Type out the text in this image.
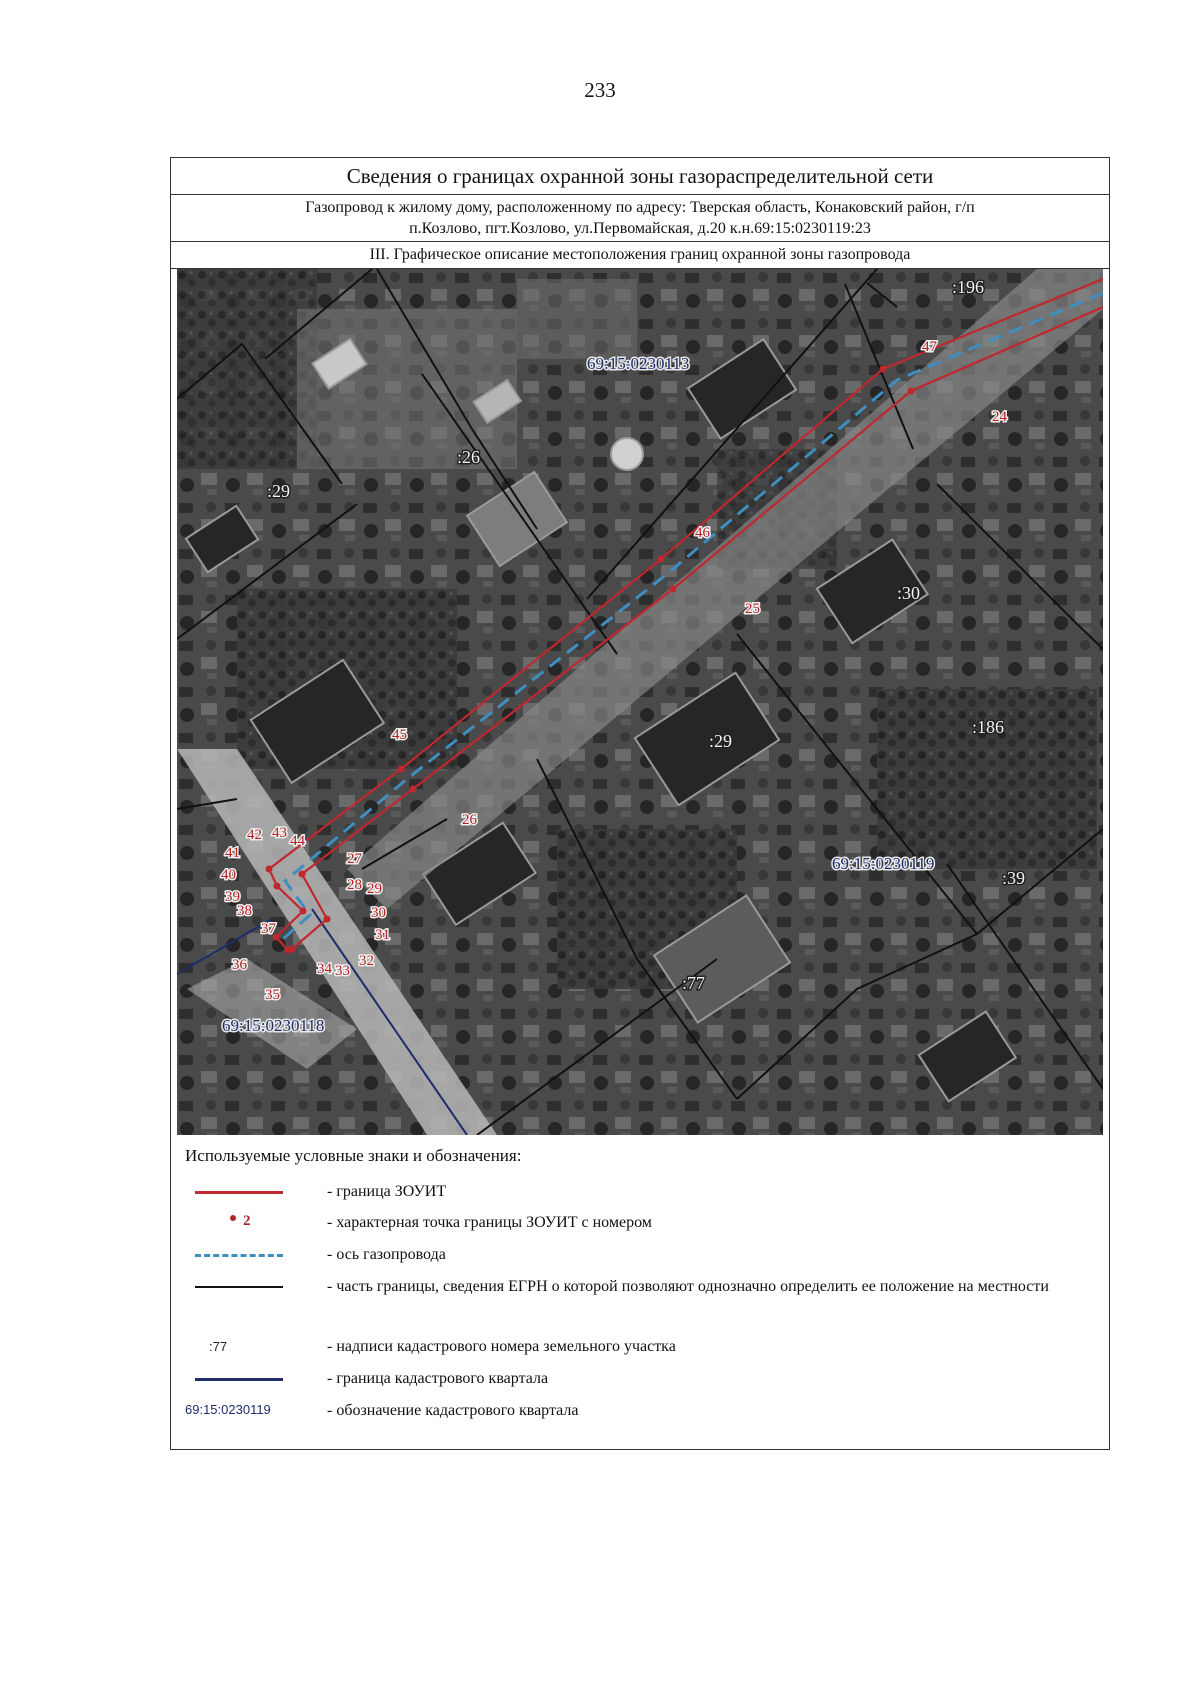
233
Сведения о границах охранной зоны газораспределительной сети
Газопровод к жилому дому, расположенному по адресу: Тверская область, Конаковский район, г/п
п.Козлово, пгт.Козлово, ул.Первомайская, д.20 к.н.69:15:0230119:23
III. Графическое описание местоположения границ охранной зоны газопровода
:196
:26
:29
:30
:29
:186
:39
:77
69:15:0230113
69:15:0230119
69:15:0230118
47
24
46
25
45
26
42 43 44
41
40
39
38
37
36
35
27
28 29
30
31
32
33
34
Используемые условные знаки и обозначения:
- граница ЗОУИТ
2	- характерная точка границы ЗОУИТ с номером
- ось газопровода
- часть границы, сведения ЕГРН о которой позволяют однозначно определить ее положение на местности
:77	- надписи кадастрового номера земельного участка
- граница кадастрового квартала
69:15:0230119	- обозначение кадастрового квартала
